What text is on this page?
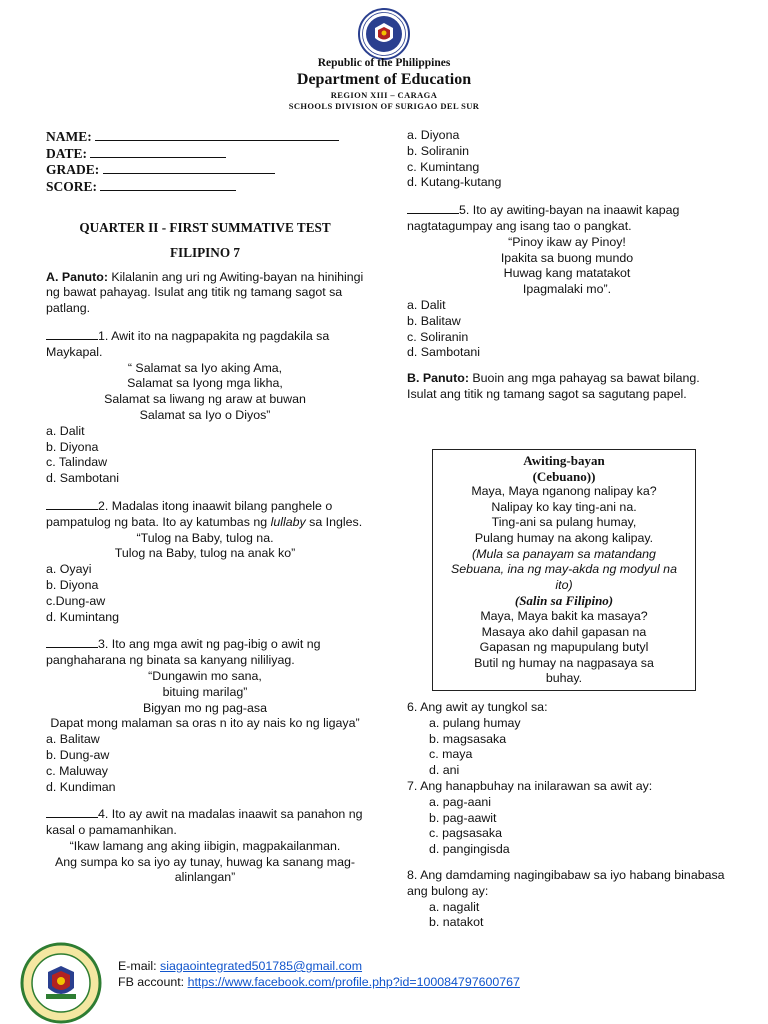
Republic of the Philippines
Department of Education
REGION XIII – CARAGA
SCHOOLS DIVISION OF SURIGAO DEL SUR
NAME:
DATE:
GRADE:
SCORE:
QUARTER II - FIRST SUMMATIVE TEST
FILIPINO 7
A. Panuto: Kilalanin ang uri ng Awiting-bayan na hinihingi ng bawat pahayag. Isulat ang titik ng tamang sagot sa patlang.
1. Awit ito na nagpapakita ng pagdakila sa Maykapal.
“ Salamat sa Iyo aking Ama,
Salamat sa Iyong mga likha,
Salamat sa liwang ng araw at buwan
Salamat sa Iyo o Diyos”
a. Dalit
b. Diyona
c. Talindaw
d. Sambotani
2. Madalas itong inaawit bilang panghele o pampatulog ng bata. Ito ay katumbas ng lullaby sa Ingles.
“Tulog na Baby, tulog na.
Tulog na Baby, tulog na anak ko”
a. Oyayi
b. Diyona
c.Dung-aw
d. Kumintang
3. Ito ang mga awit ng pag-ibig o awit ng panghaharana ng binata sa kanyang nililiyag.
“Dungawin mo sana,
bituing marilag”
Bigyan mo ng pag-asa
Dapat mong malaman sa oras n ito ay nais ko ng ligaya”
a. Balitaw
b. Dung-aw
c. Maluway
d. Kundiman
4. Ito ay awit na madalas inaawit sa panahon ng kasal o pamamanhikan.
“Ikaw lamang ang aking iibigin, magpakailanman.
Ang sumpa ko sa iyo ay tunay, huwag ka sanang mag-alinlangan”
a. Diyona
b. Soliranin
c. Kumintang
d. Kutang-kutang
5. Ito ay awiting-bayan na inaawit kapag nagtatagumpay ang isang tao o pangkat.
“Pinoy ikaw ay Pinoy!
Ipakita sa buong mundo
Huwag kang matatakot
Ipagmalaki mo”.
a. Dalit
b. Balitaw
c. Soliranin
d. Sambotani
B. Panuto: Buoin ang mga pahayag sa bawat bilang. Isulat ang titik ng tamang sagot sa sagutang papel.
Awiting-bayan
(Cebuano))
Maya, Maya nganong nalipay ka?
Nalipay ko kay ting-ani na.
Ting-ani sa pulang humay,
Pulang humay na akong kalipay.
(Mula sa panayam sa matandang Sebuana, ina ng may-akda ng modyul na ito)
(Salin sa Filipino)
Maya, Maya bakit ka masaya?
Masaya ako dahil gapasan na
Gapasan ng mapupulang butyl
Butil ng humay na nagpasaya sa buhay.
6. Ang awit ay tungkol sa:
a. pulang humay
b. magsasaka
c. maya
d. ani
7. Ang hanapbuhay na inilarawan sa awit ay:
a. pag-aani
b. pag-aawit
c. pagsasaka
d. pangingisda
8. Ang damdaming nagingibabaw sa iyo habang binabasa ang bulong ay:
a. nagalit
b. natakot
E-mail: siagaointegrated501785@gmail.com
FB account: https://www.facebook.com/profile.php?id=100084797600767
